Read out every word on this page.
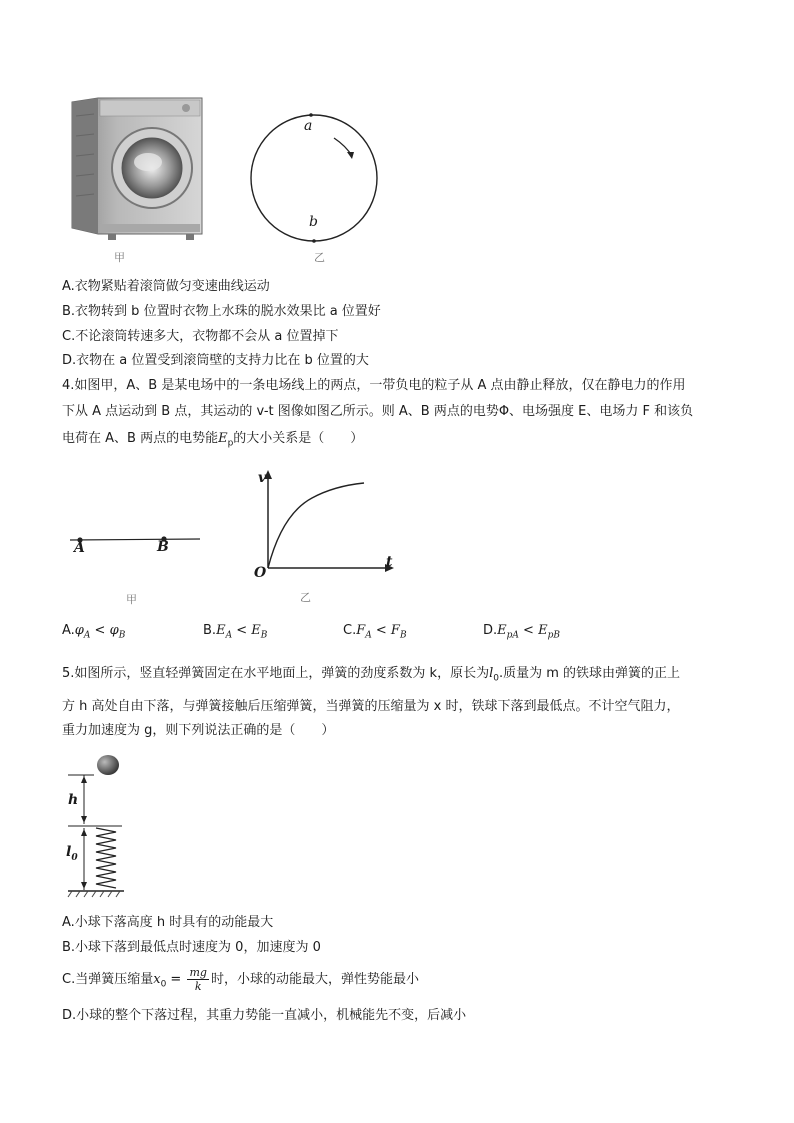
甲
a
b
乙
A.衣物紧贴着滚筒做匀变速曲线运动
B.衣物转到 b 位置时衣物上水珠的脱水效果比 a 位置好
C.不论滚筒转速多大，衣物都不会从 a 位置掉下
D.衣物在 a 位置受到滚筒壁的支持力比在 b 位置的大
4.如图甲，A、B 是某电场中的一条电场线上的两点，一带负电的粒子从 A 点由静止释放，仅在静电力的作用
下从 A 点运动到 B 点，其运动的 v-t 图像如图乙所示。则 A、B 两点的电势Φ、电场强度 E、电场力 F 和该负
电荷在 A、B 两点的电势能$E_p$的大小关系是（　　）
A	B
甲
v
t
O
乙
$A.\varphi_A < \varphi_B$	$B.E_A < E_B$	$C.F_A < F_B$	$D.E_{pA} < E_{pB}$
5.如图所示，竖直轻弹簧固定在水平地面上，弹簧的劲度系数为 k，原长为$l_0$.质量为 m 的铁球由弹簧的正上
方 h 高处自由下落，与弹簧接触后压缩弹簧，当弹簧的压缩量为 x 时，铁球下落到最低点。不计空气阻力，
重力加速度为 g，则下列说法正确的是（　　）
h
$l_0$
A.小球下落高度 h 时具有的动能最大
B.小球下落到最低点时速度为 0，加速度为 0
C.当弹簧压缩量$x_0 = \frac{mg}{k}$ 时，小球的动能最大，弹性势能最小
D.小球的整个下落过程，其重力势能一直减小，机械能先不变，后减小
